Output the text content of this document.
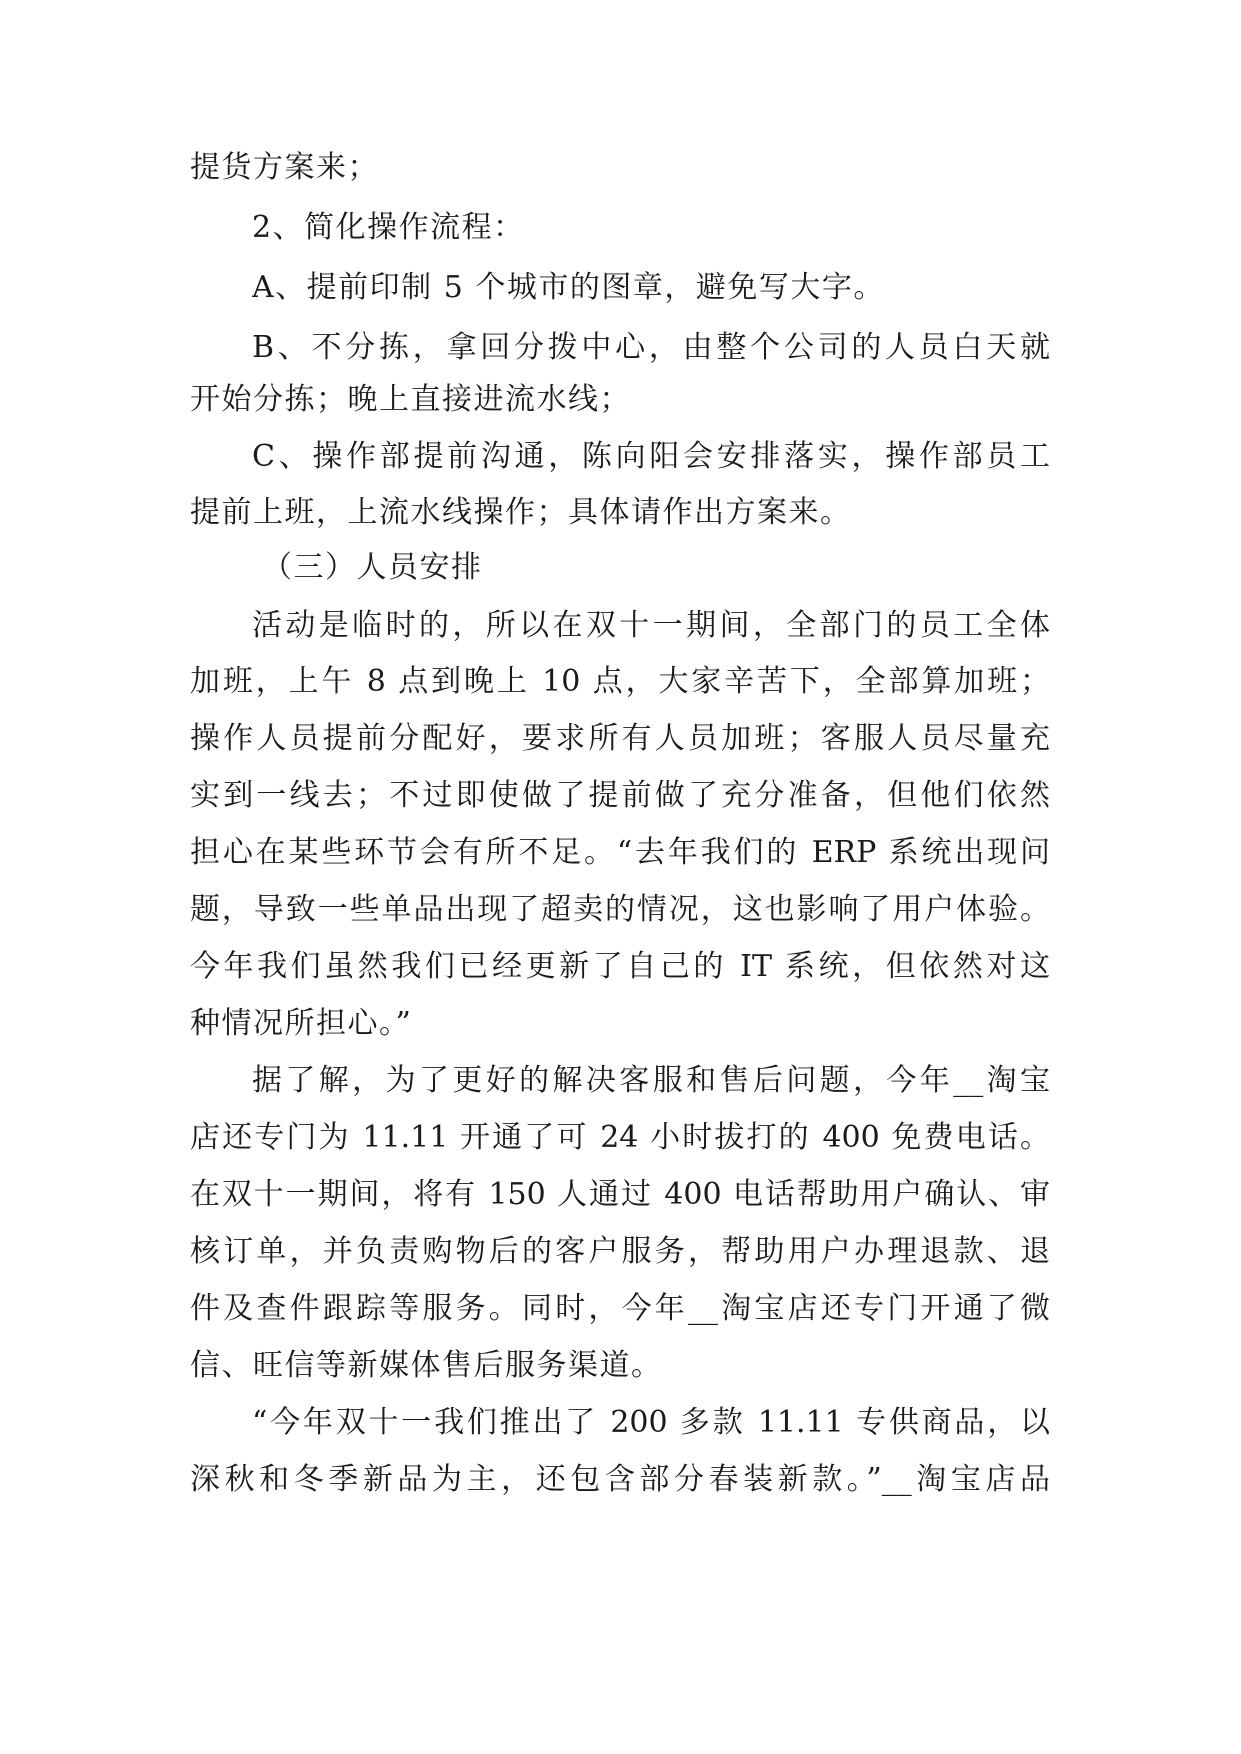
提货方案来；
2、简化操作流程：
A、提前印制 5 个城市的图章，避免写大字。
B、不分拣，拿回分拨中心，由整个公司的人员白天就
开始分拣；晚上直接进流水线；
C、操作部提前沟通，陈向阳会安排落实，操作部员工
提前上班，上流水线操作；具体请作出方案来。
（三）人员安排
活动是临时的，所以在双十一期间，全部门的员工全体
加班，上午 8 点到晚上 10 点，大家辛苦下，全部算加班；
操作人员提前分配好，要求所有人员加班；客服人员尽量充
实到一线去；不过即使做了提前做了充分准备，但他们依然
担心在某些环节会有所不足。“去年我们的 ERP 系统出现问
题，导致一些单品出现了超卖的情况，这也影响了用户体验。
今年我们虽然我们已经更新了自己的 IT 系统，但依然对这
种情况所担心。”
据了解，为了更好的解决客服和售后问题，今年__淘宝
店还专门为 11.11 开通了可 24 小时拔打的 400 免费电话。
在双十一期间，将有 150 人通过 400 电话帮助用户确认、审
核订单，并负责购物后的客户服务，帮助用户办理退款、退
件及查件跟踪等服务。同时，今年__淘宝店还专门开通了微
信、旺信等新媒体售后服务渠道。
“今年双十一我们推出了 200 多款 11.11 专供商品，以
深秋和冬季新品为主，还包含部分春装新款。”__淘宝店品
